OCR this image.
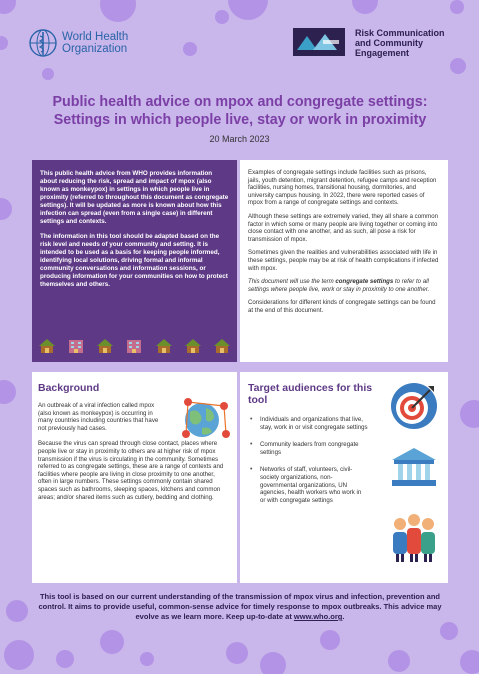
World Health
Organization
Risk Communication
and Community
Engagement
Public health advice on mpox and congregate settings:
Settings in which people live, stay or work in proximity
20 March 2023

This public health advice from WHO provides information about reducing the risk, spread and impact of mpox (also known as monkeypox) in settings in which people live in proximity (referred to throughout this document as congregate settings). It will be updated as more is known about how this infection can spread (even from a single case) in different settings and contexts.

The information in this tool should be adapted based on the risk level and needs of your community and setting. It is intended to be used as a basis for keeping people informed, identifying local solutions, driving formal and informal community conversations and information sessions, or producing information for your communities on how to protect themselves and others.

Examples of congregate settings include facilities such as prisons, jails, youth detention, migrant detention, refugee camps and reception facilities, nursing homes, transitional housing, dormitories, and university campus housing. In 2022, there were reported cases of mpox from a range of congregate settings and contexts.

Although these settings are extremely varied, they all share a common factor in which some or many people are living together or coming into close contact with one another, and as such, all pose a risk for transmission of mpox.

Sometimes given the realities and vulnerabilities associated with life in these settings, people may be at risk of health complications if infected with mpox.

This document will use the term congregate settings to refer to all settings where people live, work or stay in proximity to one another.

Considerations for different kinds of congregate settings can be found at the end of this document.

Background
An outbreak of a viral infection called mpox (also known as monkeypox) is occurring in many countries including countries that have not previously had cases.
Because the virus can spread through close contact, places where people live or stay in proximity to others are at higher risk of mpox transmission if the virus is circulating in the community. Sometimes referred to as congregate settings, these are a range of contexts and facilities where people are living in close proximity to one another, often in large numbers. These settings commonly contain shared spaces such as bathrooms, sleeping spaces, kitchens and common areas; and/or shared items such as cutlery, bedding and clothing.
Target audiences for this
tool
• Individuals and organizations that live, stay, work in or visit congregate settings
• Community leaders from congregate settings
• Networks of staff, volunteers, civil-society organizations, non-governmental organizations, UN agencies, health workers who work in or with congregate settings
This tool is based on our current understanding of the transmission of mpox virus and infection, prevention and control. It aims to provide useful, common-sense advice for timely response to mpox outbreaks. This advice may evolve as we learn more. Keep up-to-date at www.who.org.
